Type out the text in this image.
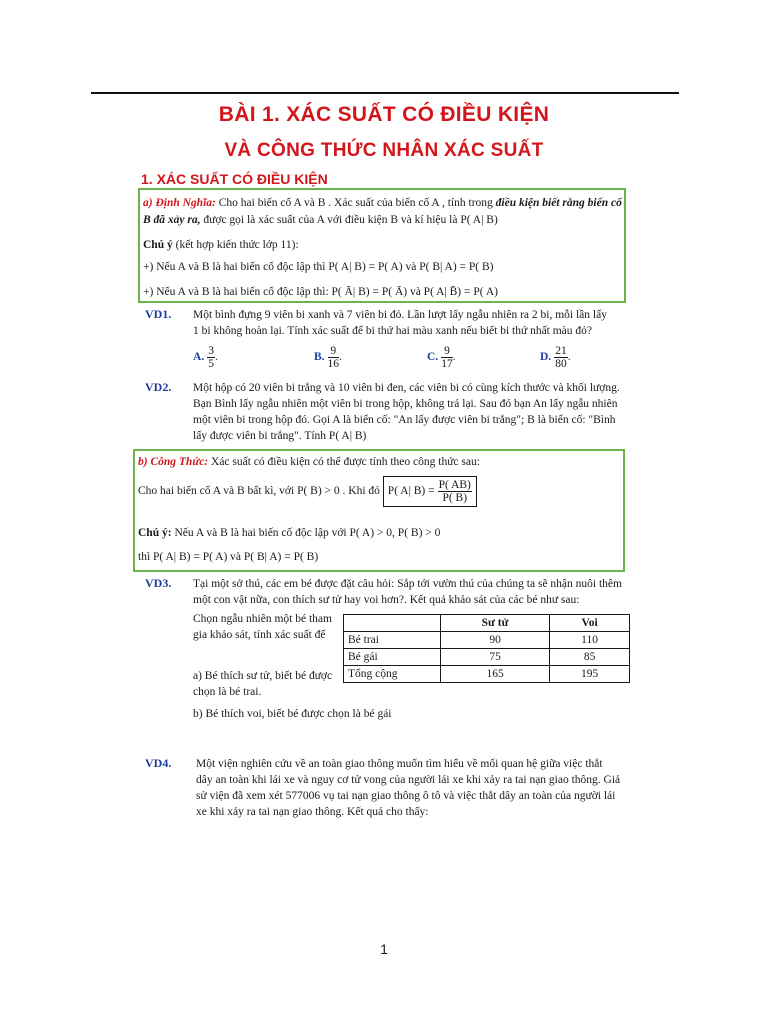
BÀI 1. XÁC SUẤT CÓ ĐIỀU KIỆN
VÀ CÔNG THỨC NHÂN XÁC SUẤT
1. XÁC SUẤT CÓ ĐIỀU KIỆN
a) Định Nghĩa: Cho hai biến cố A và B . Xác suất của biến cố A , tính trong điều kiện biết rằng biến cố B đã xảy ra, được gọi là xác suất của A với điều kiện B và kí hiệu là P( A| B)
Chú ý (kết hợp kiến thức lớp 11):
+) Nếu A và B là hai biến cố độc lập thì P( A| B) = P( A) và P( B| A) = P( B)
+) Nếu A và B là hai biến cố độc lập thì: P( Ā| B) = P( Ā) và P( A| B̄) = P( A)
VD1. Một bình đựng 9 viên bi xanh và 7 viên bi đỏ. Lần lượt lấy ngẫu nhiên ra 2 bi, mỗi lần lấy 1 bi không hoàn lại. Tính xác suất để bi thứ hai màu xanh nếu biết bi thứ nhất màu đỏ?
A. $\frac{3}{5}$ .	B. $\frac{9}{16}$ .	C. $\frac{9}{17}$ .	D. $\frac{21}{80}$ .
VD2. Một hộp có 20 viên bi trắng và 10 viên bi đen, các viên bi có cùng kích thước và khối lượng. Bạn Bình lấy ngẫu nhiên một viên bi trong hộp, không trả lại. Sau đó bạn An lấy ngẫu nhiên một viên bi trong hộp đó. Gọi A là biến cố: "An lấy được viên bi trắng"; B là biến cố: "Bình lấy được viên bi trắng". Tính P( A| B)
b) Công Thức: Xác suất có điều kiện có thể được tính theo công thức sau:
Cho hai biến cố A và B bất kì, với P( B) > 0 . Khi đó P( A| $B) = \frac{P( AB)}{P( B)}$
Chú ý: Nếu A và B là hai biến cố độc lập với P( A) > 0, P( B) > 0
thì P( A| B) = P( A) và P( B| A) = P( B)
VD3. Tại một sở thú, các em bé được đặt câu hỏi: Sắp tới vườn thú của chúng ta sẽ nhận nuôi thêm một con vật nữa, con thích sư tử hay voi hơn?. Kết quả khảo sát của các bé như sau:
Chọn ngẫu nhiên một bé tham gia khảo sát, tính xác suất để
a) Bé thích sư tử, biết bé được chọn là bé trai.
b) Bé thích voi, biết bé được chọn là bé gái
	Sư tử	Voi
Bé trai	90	110
Bé gái	75	85
Tổng cộng	165	195
VD4. Một viện nghiên cứu về an toàn giao thông muốn tìm hiểu về mối quan hệ giữa việc thắt dây an toàn khi lái xe và nguy cơ tử vong của người lái xe khi xảy ra tai nạn giao thông. Giả sử viện đã xem xét 577006 vụ tai nạn giao thông ô tô và việc thắt dây an toàn của người lái xe khi xảy ra tai nạn giao thông. Kết quả cho thấy:
1
